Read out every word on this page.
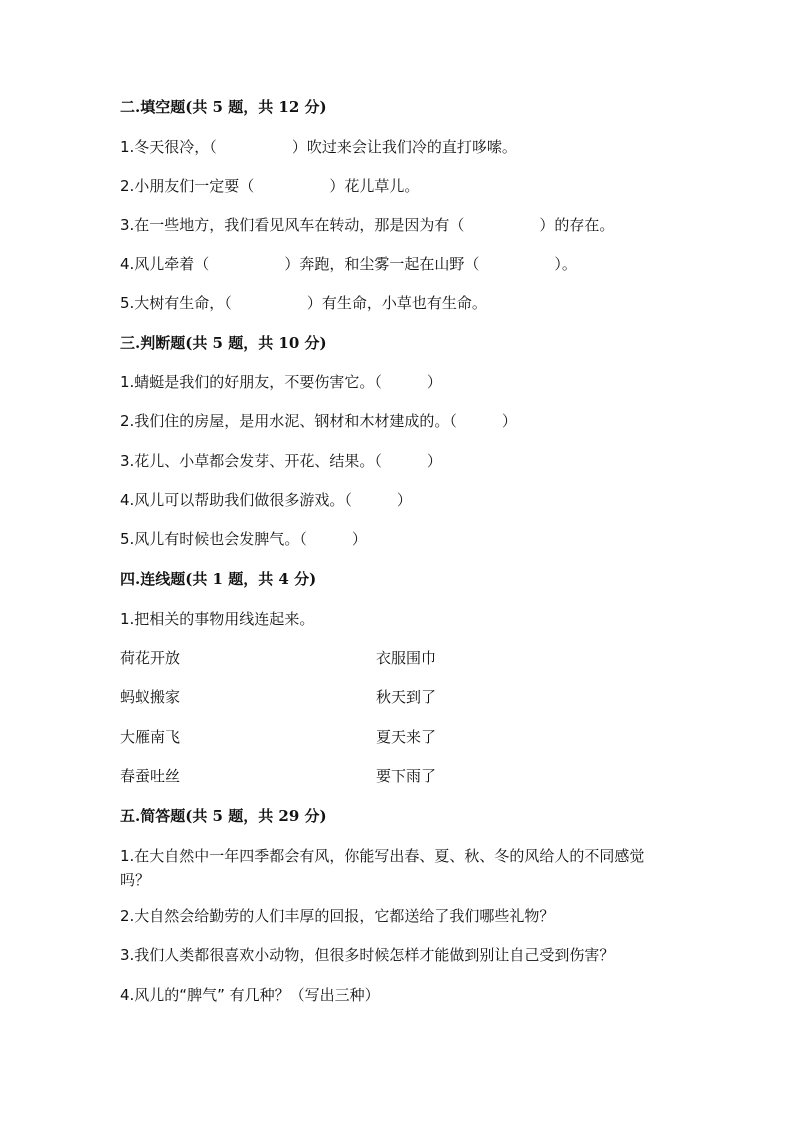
二.填空题(共 5 题，共 12 分)
1.冬天很冷，（　　　　　）吹过来会让我们冷的直打哆嗦。
2.小朋友们一定要（　　　　　）花儿草儿。
3.在一些地方，我们看见风车在转动，那是因为有（　　　　　）的存在。
4.风儿牵着（　　　　　）奔跑，和尘雾一起在山野（　　　　　）。
5.大树有生命，（　　　　　）有生命，小草也有生命。
三.判断题(共 5 题，共 10 分)
1.蜻蜓是我们的好朋友，不要伤害它。（　　　）
2.我们住的房屋，是用水泥、钢材和木材建成的。（　　　）
3.花儿、小草都会发芽、开花、结果。（　　　）
4.风儿可以帮助我们做很多游戏。（　　　）
5.风儿有时候也会发脾气。（　　　）
四.连线题(共 1 题，共 4 分)
1.把相关的事物用线连起来。
荷花开放	衣服围巾
蚂蚁搬家	秋天到了
大雁南飞	夏天来了
春蚕吐丝	要下雨了
五.简答题(共 5 题，共 29 分)
1.在大自然中一年四季都会有风，你能写出春、夏、秋、冬的风给人的不同感觉吗？
2.大自然会给勤劳的人们丰厚的回报，它都送给了我们哪些礼物？
3.我们人类都很喜欢小动物，但很多时候怎样才能做到别让自己受到伤害？
4.风儿的“脾气” 有几种？（写出三种）
